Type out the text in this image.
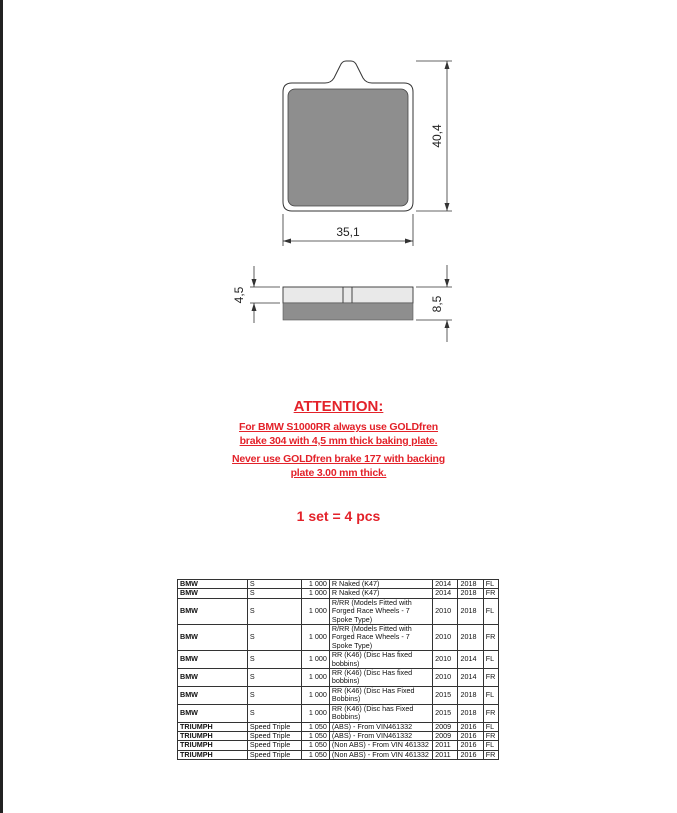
35,1
40,4
4,5
8,5
ATTENTION:
For BMW S1000RR always use GOLDfren
brake 304 with 4,5 mm thick baking plate.
Never use GOLDfren brake 177 with backing
plate 3.00 mm thick.
1 set = 4 pcs
BMW	S	1 000	R Naked (K47)	2014	2018	FL
BMW	S	1 000	R Naked (K47)	2014	2018	FR
BMW	S	1 000	R/RR (Models Fitted with Forged Race Wheels - 7 Spoke Type)	2010	2018	FL
BMW	S	1 000	R/RR (Models Fitted with Forged Race Wheels - 7 Spoke Type)	2010	2018	FR
BMW	S	1 000	RR (K46) (Disc Has fixed bobbins)	2010	2014	FL
BMW	S	1 000	RR (K46) (Disc Has fixed bobbins)	2010	2014	FR
BMW	S	1 000	RR (K46) (Disc Has Fixed Bobbins)	2015	2018	FL
BMW	S	1 000	RR (K46) (Disc has Fixed Bobbins)	2015	2018	FR
TRIUMPH	Speed Triple	1 050	(ABS) - From VIN461332	2009	2016	FL
TRIUMPH	Speed Triple	1 050	(ABS) - From VIN461332	2009	2016	FR
TRIUMPH	Speed Triple	1 050	(Non ABS) - From VIN 461332	2011	2016	FL
TRIUMPH	Speed Triple	1 050	(Non ABS) - From VIN 461332	2011	2016	FR
